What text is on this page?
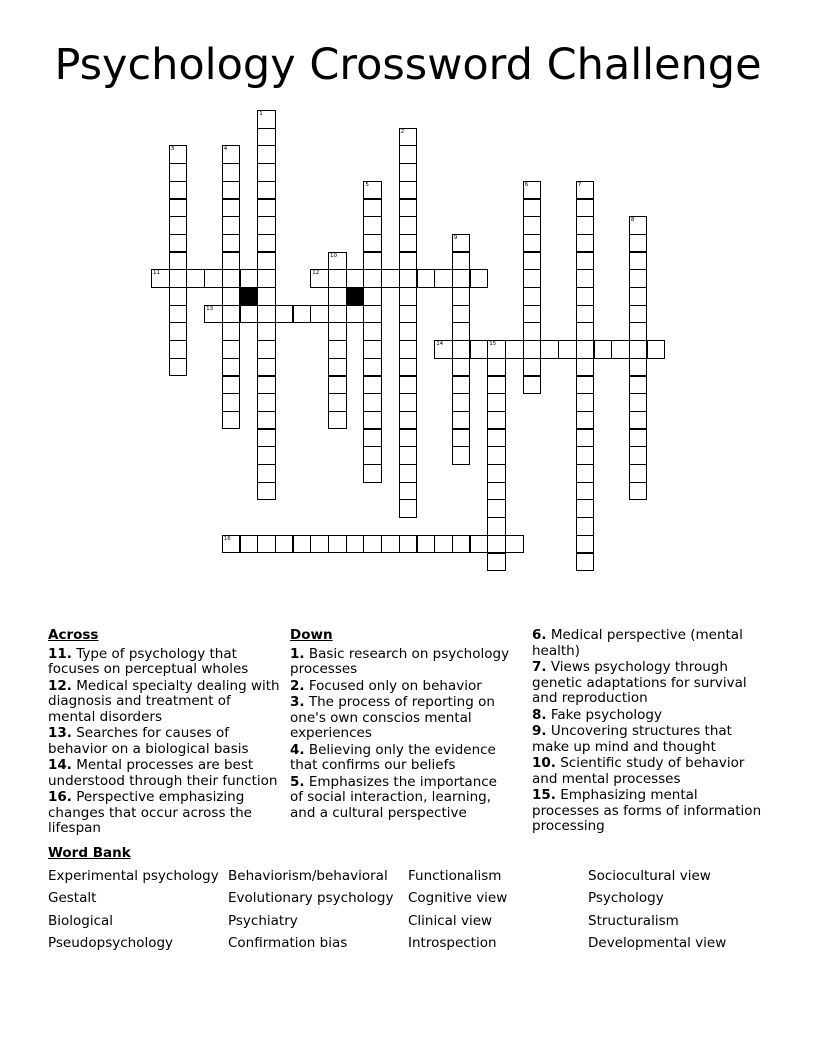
Psychology Crossword Challenge
1
2
3	4
5	6	7
8
9
10
15
11	12
13
14
16
Across
11. Type of psychology that focuses on perceptual wholes
12. Medical specialty dealing with diagnosis and treatment of mental disorders
13. Searches for causes of behavior on a biological basis
14. Mental processes are best understood through their function
16. Perspective emphasizing changes that occur across the lifespan
Down
1. Basic research on psychology processes
2. Focused only on behavior
3. The process of reporting on one's own conscios mental experiences
4. Believing only the evidence that confirms our beliefs
5. Emphasizes the importance of social interaction, learning, and a cultural perspective
6. Medical perspective (mental health)
7. Views psychology through genetic adaptations for survival and reproduction
8. Fake psychology
9. Uncovering structures that make up mind and thought
10. Scientific study of behavior and mental processes
15. Emphasizing mental processes as forms of information processing
Word Bank
Experimental psychology
Gestalt
Biological
Pseudopsychology
Behaviorism/behavioral
Evolutionary psychology
Psychiatry
Confirmation bias
Functionalism
Cognitive view
Clinical view
Introspection
Sociocultural view
Psychology
Structuralism
Developmental view
